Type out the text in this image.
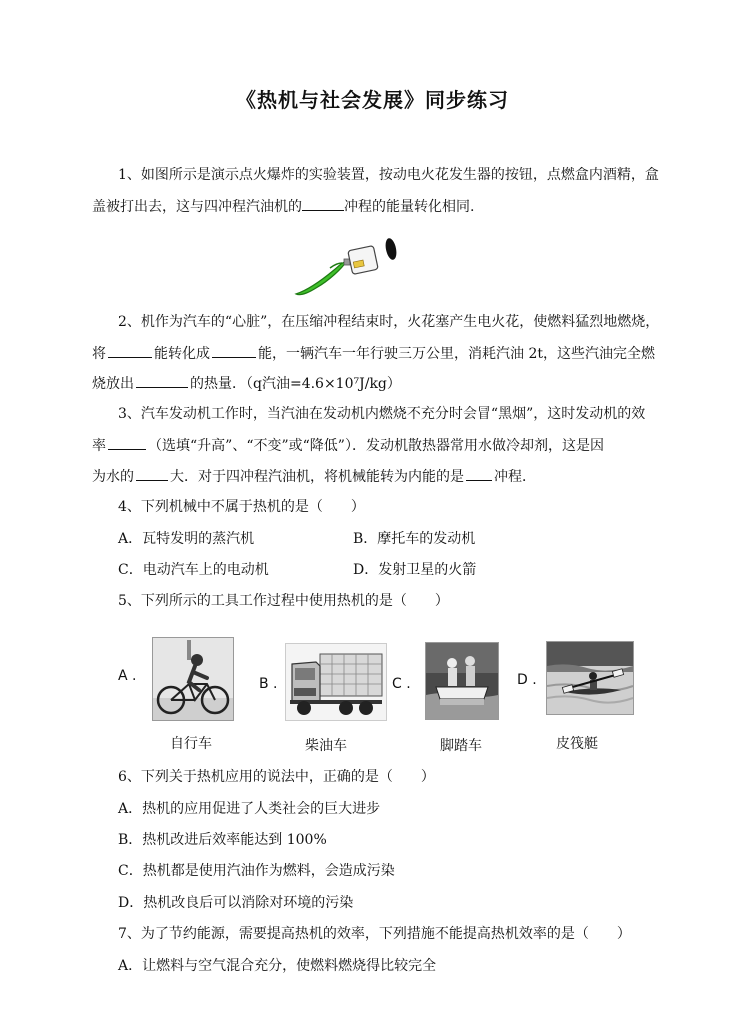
《热机与社会发展》同步练习
1、如图所示是演示点火爆炸的实验装置，按动电火花发生器的按钮，点燃盒内酒精，盒
盖被打出去，这与四冲程汽油机的	冲程的能量转化相同.
2、机作为汽车的“心脏”，在压缩冲程结束时，火花塞产生电火花，使燃料猛烈地燃烧，
将	能转化成	能，一辆汽车一年行驶三万公里，消耗汽油 2t，这些汽油完全燃
烧放出	的热量．（q汽油=4.6×10⁷J/kg）
3、汽车发动机工作时，当汽油在发动机内燃烧不充分时会冒“黑烟”，这时发动机的效
率	（选填“升高”、“不变”或“降低”）．发动机散热器常用水做冷却剂，这是因
为水的	大．对于四冲程汽油机，将机械能转为内能的是 冲程．
4、下列机械中不属于热机的是（　　）
A．瓦特发明的蒸汽机	B．摩托车的发动机
C．电动汽车上的电动机	D．发射卫星的火箭
5、下列所示的工具工作过程中使用热机的是（　　）
A .	B .	C .	D .
自行车	柴油车	脚踏车	皮筏艇
6、下列关于热机应用的说法中，正确的是（　　）
A．热机的应用促进了人类社会的巨大进步
B．热机改进后效率能达到 100%
C．热机都是使用汽油作为燃料，会造成污染
D．热机改良后可以消除对环境的污染
7、为了节约能源，需要提高热机的效率，下列措施不能提高热机效率的是（　　）
A．让燃料与空气混合充分，使燃料燃烧得比较完全
